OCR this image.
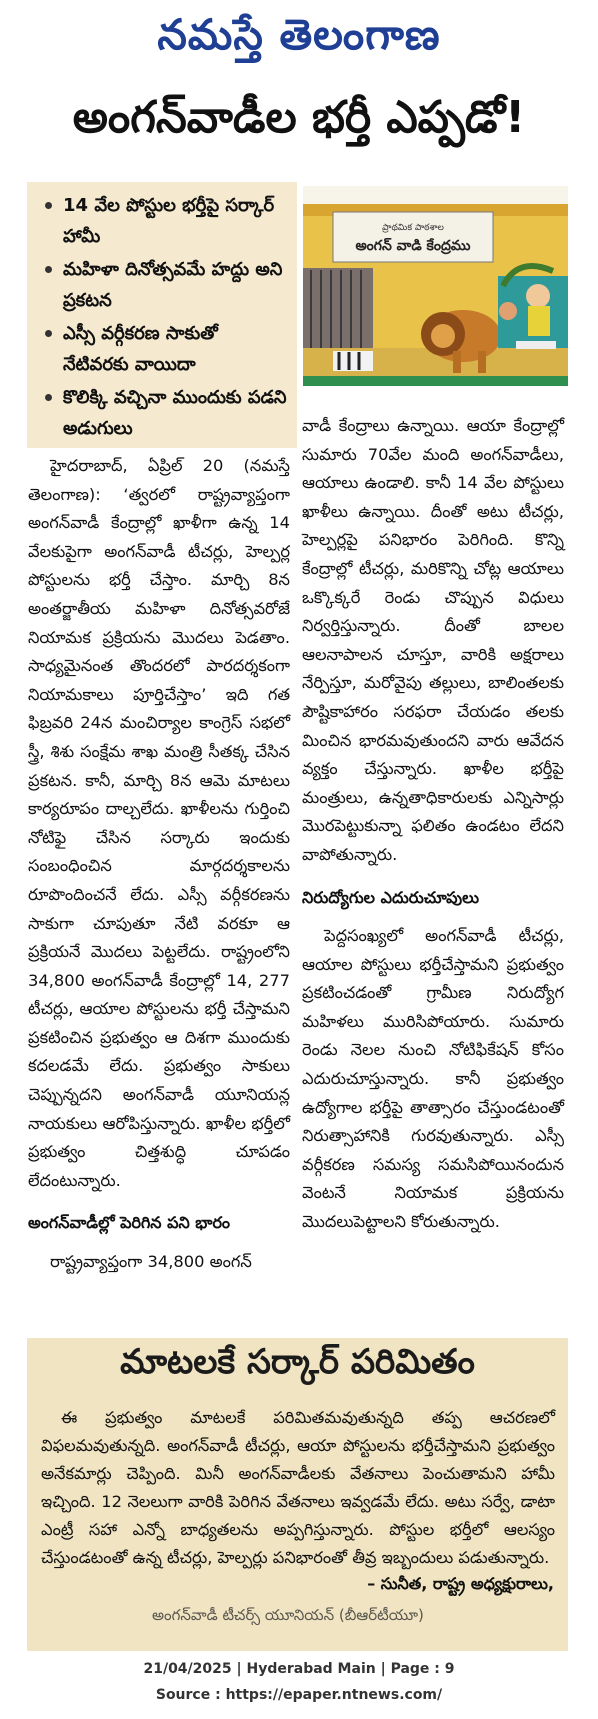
నమస్తే తెలంగాణ
అంగన్‌వాడీల భర్తీ ఎప్పడో!
14 వేల పోస్టుల భర్తీపై సర్కార్ హామీ
మహిళా దినోత్సవమే హద్దు అని ప్రకటన
ఎస్సీ వర్గీకరణ సాకుతో నేటివరకు వాయిదా
కొలిక్కి వచ్చినా ముందుకు పడని అడుగులు
ప్రాథమిక పాఠశాల
అంగన్ వాడి కేంద్రము

హైదరాబాద్, ఏప్రిల్ 20 (నమస్తే తెలంగాణ): ‘త్వరలో రాష్ట్రవ్యాప్తంగా అంగన్‌వాడీ కేంద్రాల్లో ఖాళీగా ఉన్న 14 వేలకుపైగా అంగన్‌వాడీ టీచర్లు, హెల్పర్ల పోస్టులను భర్తీ చేస్తాం. మార్చి 8న అంతర్జాతీయ మహిళా దినోత్సవరోజే నియామక ప్రక్రియను మొదలు పెడతాం. సాధ్యమైనంత తొందరలో పారదర్శకంగా నియామకాలు పూర్తిచేస్తాం’ ఇది గత ఫిబ్రవరి 24న మంచిర్యాల కాంగ్రెస్ సభలో స్త్రీ, శిశు సంక్షేమ శాఖ మంత్రి సీతక్క చేసిన ప్రకటన. కానీ, మార్చి 8న ఆమె మాటలు కార్యరూపం దాల్చలేదు. ఖాళీలను గుర్తించి నోటిఫై చేసిన సర్కారు ఇందుకు సంబంధించిన మార్గదర్శకాలను రూపొందించనే లేదు. ఎస్సీ వర్గీకరణను సాకుగా చూపుతూ నేటి వరకూ ఆ ప్రక్రియనే మొదలు పెట్టలేదు. రాష్ట్రంలోని 34,800 అంగన్‌వాడీ కేంద్రాల్లో 14, 277 టీచర్లు, ఆయాల పోస్టులను భర్తీ చేస్తామని ప్రకటించిన ప్రభుత్వం ఆ దిశగా ముందుకు కదలడమే లేదు. ప్రభుత్వం సాకులు చెప్పున్నదని అంగన్‌వాడీ యూనియన్ల నాయకులు ఆరోపిస్తున్నారు. ఖాళీల భర్తీలో ప్రభుత్వం చిత్తశుద్ధి చూపడం లేదంటున్నారు.

అంగన్‌వాడీల్లో పెరిగిన పని భారం

రాష్ట్రవ్యాప్తంగా 34,800 అంగన్

వాడీ కేంద్రాలు ఉన్నాయి. ఆయా కేంద్రాల్లో సుమారు 70వేల మంది అంగన్‌వాడీలు, ఆయాలు ఉండాలి. కానీ 14 వేల పోస్టులు ఖాళీలు ఉన్నాయి. దీంతో అటు టీచర్లు, హెల్పర్లపై పనిభారం పెరిగింది. కొన్ని కేంద్రాల్లో టీచర్లు, మరికొన్ని చోట్ల ఆయాలు ఒక్కొక్కరే రెండు చొప్పున విధులు నిర్వర్తిస్తున్నారు. దీంతో బాలల ఆలనాపాలన చూస్తూ, వారికి అక్షరాలు నేర్పిస్తూ, మరోవైపు తల్లులు, బాలింతలకు పౌష్టికాహారం సరఫరా చేయడం తలకు మించిన భారమవుతుందని వారు ఆవేదన వ్యక్తం చేస్తున్నారు. ఖాళీల భర్తీపై మంత్రులు, ఉన్నతాధికారులకు ఎన్నిసార్లు మొరపెట్టుకున్నా ఫలితం ఉండటం లేదని వాపోతున్నారు.

నిరుద్యోగుల ఎదురుచూపులు

పెద్దసంఖ్యలో అంగన్‌వాడీ టీచర్లు, ఆయాల పోస్టులు భర్తీచేస్తామని ప్రభుత్వం ప్రకటించడంతో గ్రామీణ నిరుద్యోగ మహిళలు మురిసిపోయారు. సుమారు రెండు నెలల నుంచి నోటిఫికేషన్ కోసం ఎదురుచూస్తున్నారు. కానీ ప్రభుత్వం ఉద్యోగాల భర్తీపై తాత్సారం చేస్తుండటంతో నిరుత్సాహానికి గురవుతున్నారు. ఎస్సీ వర్గీకరణ సమస్య సమసిపోయినందున వెంటనే నియామక ప్రక్రియను మొదలుపెట్టాలని కోరుతున్నారు.

మాటలకే సర్కార్ పరిమితం

ఈ ప్రభుత్వం మాటలకే పరిమితమవుతున్నది తప్ప ఆచరణలో విఫలమవుతున్నది. అంగన్‌వాడీ టీచర్లు, ఆయా పోస్టులను భర్తీచేస్తామని ప్రభుత్వం అనేకమార్లు చెప్పింది. మినీ అంగన్‌వాడీలకు వేతనాలు పెంచుతామని హామీ ఇచ్చింది. 12 నెలలుగా వారికి పెరిగిన వేతనాలు ఇవ్వడమే లేదు. అటు సర్వే, డాటా ఎంట్రీ సహా ఎన్నో బాధ్యతలను అప్పగిస్తున్నారు. పోస్టుల భర్తీలో ఆలస్యం చేస్తుండటంతో ఉన్న టీచర్లు, హెల్పర్లు పనిభారంతో తీవ్ర ఇబ్బందులు పడుతున్నారు.

– సునీత, రాష్ట్ర అధ్యక్షురాలు,
అంగన్‌వాడీ టీచర్స్ యూనియన్ (బీఆర్‌టీయూ)
21/04/2025 | Hyderabad Main | Page : 9
Source : https://epaper.ntnews.com/
